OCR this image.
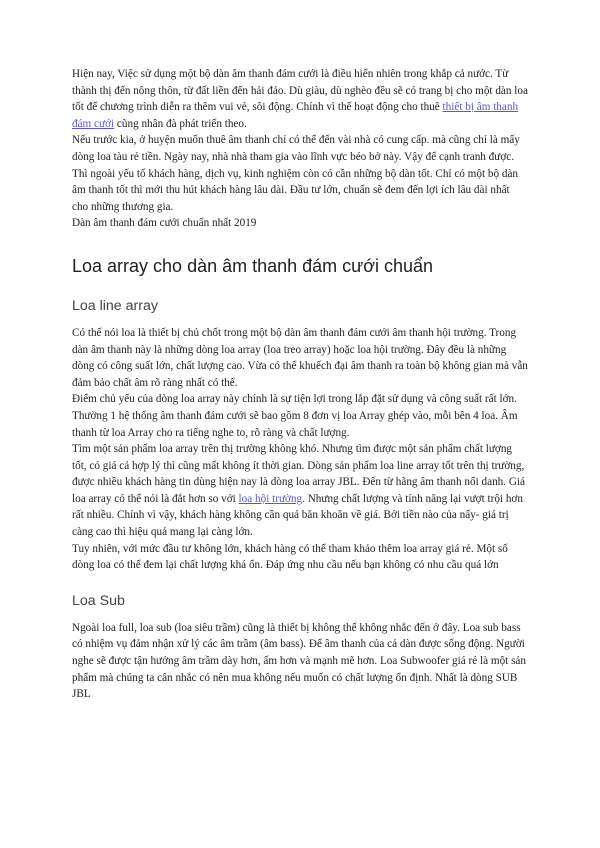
Hiện nay, Việc sử dụng một bộ dàn âm thanh đám cưới là điều hiển nhiên trong khắp cả nước. Từ thành thị đến nông thôn, từ đất liền đến hải đảo. Dù giàu, dù nghèo đều sẽ có trang bị cho một dàn loa tốt để chương trình diễn ra thêm vui vẻ, sôi động. Chính vì thế hoạt động cho thuê thiết bị âm thanh đám cưới cũng nhân đà phát triển theo.

Nếu trước kia, ở huyện muốn thuê âm thanh chỉ có thể đến vài nhà có cung cấp. mà cũng chỉ là mấy dòng loa tàu rẻ tiền. Ngày nay, nhà nhà tham gia vào lĩnh vực béo bở này. Vậy để cạnh tranh được. Thì ngoài yếu tố khách hàng, dịch vụ, kinh nghiệm còn có cần những bộ dàn tốt. Chỉ có một bộ dàn âm thanh tốt thì mới thu hút khách hàng lâu dài. Đầu tư lớn, chuẩn sẽ đem đến lợi ích lâu dài nhất cho những thương gia.

Dàn âm thanh đám cưới chuẩn nhất 2019

Loa array cho dàn âm thanh đám cưới chuẩn
Loa line array

Có thể nói loa là thiết bị chủ chốt trong một bộ dàn âm thanh đám cưới âm thanh hội trường. Trong dàn âm thanh này là những dòng loa array (loa treo array) hoặc loa hội trường. Đây đều là những dòng có công suất lớn, chất lượng cao. Vừa có thể khuếch đại âm thanh ra toàn bộ không gian mà vẫn đảm bảo chất âm rõ ràng nhất có thể.

Điểm chủ yếu của dòng loa array này chính là sự tiện lợi trong lắp đặt sử dụng và công suất rất lớn. Thường 1 hệ thống âm thanh đám cưới sẽ bao gồm 8 đơn vị loa Array ghép vào, mỗi bên 4 loa. Âm thanh từ loa Array cho ra tiếng nghe to, rõ ràng và chất lượng.

Tìm một sản phẩm loa array trên thị trường không khó. Nhưng tìm được một sản phẩm chất lượng tốt, có giá cả hợp lý thì cũng mất không ít thời gian. Dòng sản phẩm loa line array tốt trên thị trường, được nhiều khách hàng tin dùng hiện nay là dòng loa array JBL. Đến từ hãng âm thanh nổi danh. Giá loa array có thể nói là đắt hơn so với loa hội trường. Nhưng chất lượng và tính năng lại vượt trội hơn rất nhiều. Chính vì vậy, khách hàng không cần quá băn khoăn về giá. Bởi tiền nào của nấy- giá trị càng cao thì hiệu quả mang lại càng lớn.

Tuy nhiên, với mức đầu tư không lớn, khách hàng có thể tham khảo thêm loa array giá rẻ. Một số dòng loa có thể đem lại chất lượng khá ổn. Đáp ứng nhu cầu nếu bạn không có nhu cầu quá lớn

Loa Sub

Ngoài loa full, loa sub (loa siêu trầm) cũng là thiết bị không thể không nhắc đến ở đây. Loa sub bass có nhiệm vụ đảm nhận xử lý các âm trầm (âm bass). Để âm thanh của cả dàn được sống động. Người nghe sẽ được tận hưởng âm trầm dày hơn, ấm hơn và mạnh mẽ hơn. Loa Subwoofer giá rẻ là một sản phẩm mà chúng ta cân nhắc có nên mua không nếu muốn có chất lượng ổn định. Nhất là dòng SUB JBL
